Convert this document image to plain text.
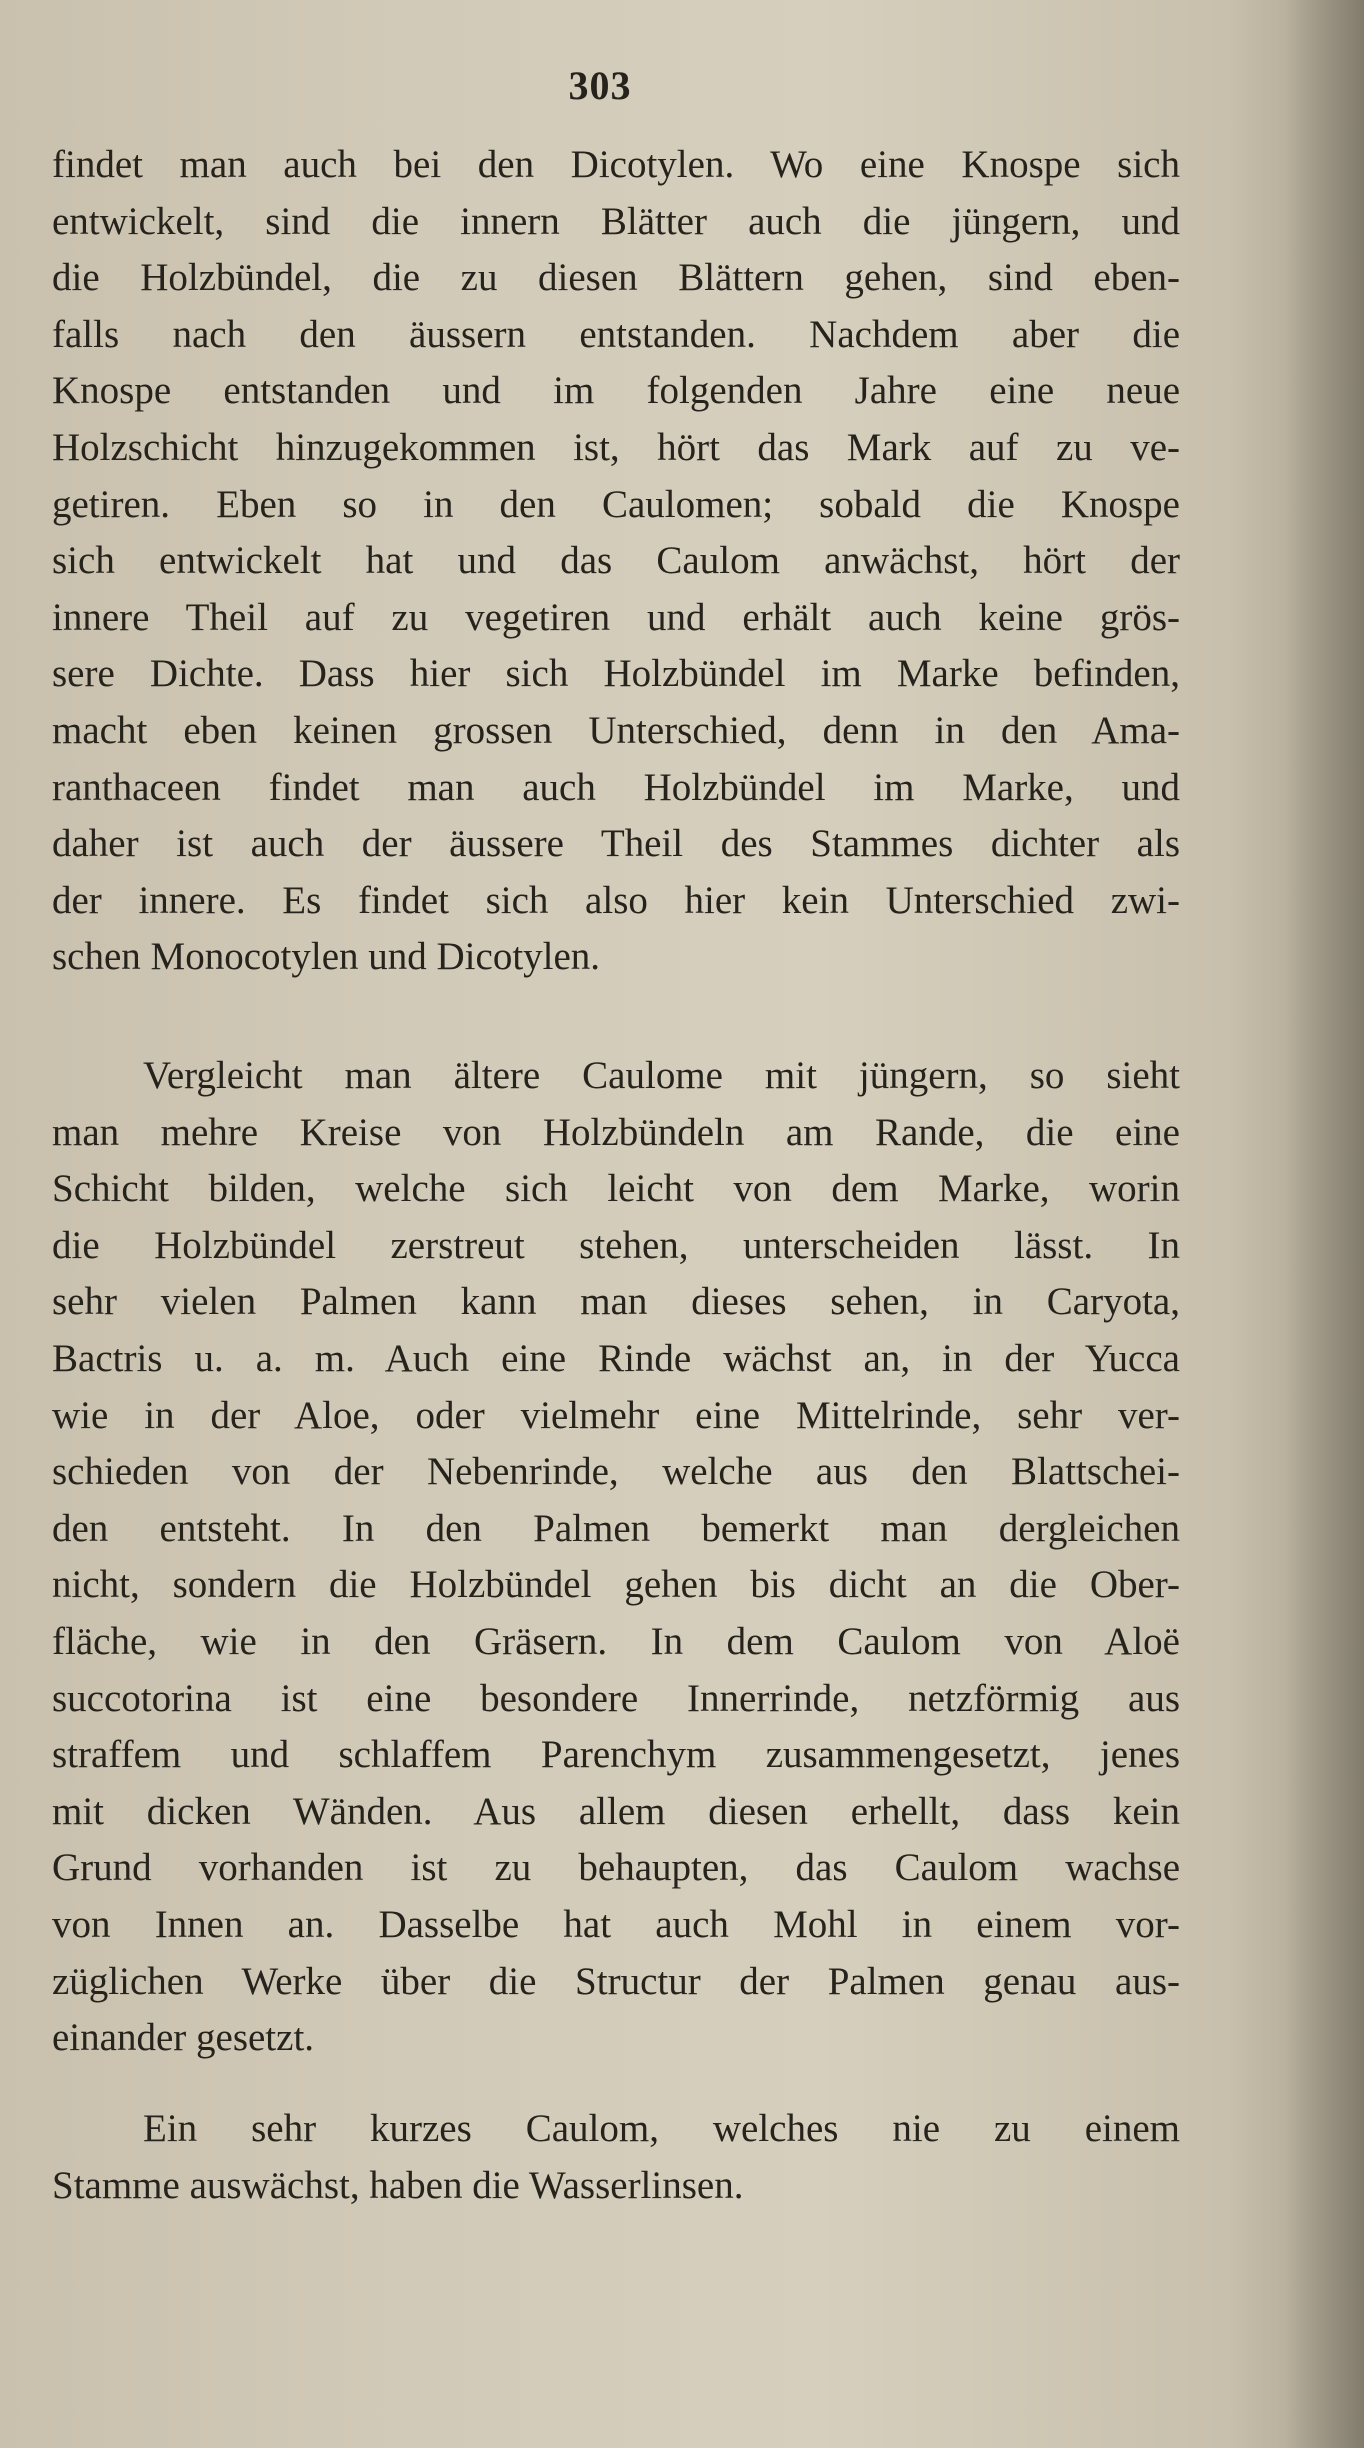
303
findet man auch bei den Dicotylen. Wo eine Knospe sich
entwickelt, sind die innern Blätter auch die jüngern, und
die Holzbündel, die zu diesen Blättern gehen, sind eben-
falls nach den äussern entstanden. Nachdem aber die
Knospe entstanden und im folgenden Jahre eine neue
Holzschicht hinzugekommen ist, hört das Mark auf zu ve-
getiren. Eben so in den Caulomen; sobald die Knospe
sich entwickelt hat und das Caulom anwächst, hört der
innere Theil auf zu vegetiren und erhält auch keine grös-
sere Dichte. Dass hier sich Holzbündel im Marke befinden,
macht eben keinen grossen Unterschied, denn in den Ama-
ranthaceen findet man auch Holzbündel im Marke, und
daher ist auch der äussere Theil des Stammes dichter als
der innere. Es findet sich also hier kein Unterschied zwi-
schen Monocotylen und Dicotylen.
Vergleicht man ältere Caulome mit jüngern, so sieht
man mehre Kreise von Holzbündeln am Rande, die eine
Schicht bilden, welche sich leicht von dem Marke, worin
die Holzbündel zerstreut stehen, unterscheiden lässt. In
sehr vielen Palmen kann man dieses sehen, in Caryota,
Bactris u. a. m. Auch eine Rinde wächst an, in der Yucca
wie in der Aloe, oder vielmehr eine Mittelrinde, sehr ver-
schieden von der Nebenrinde, welche aus den Blattschei-
den entsteht. In den Palmen bemerkt man dergleichen
nicht, sondern die Holzbündel gehen bis dicht an die Ober-
fläche, wie in den Gräsern. In dem Caulom von Aloë
succotorina ist eine besondere Innerrinde, netzförmig aus
straffem und schlaffem Parenchym zusammengesetzt, jenes
mit dicken Wänden. Aus allem diesen erhellt, dass kein
Grund vorhanden ist zu behaupten, das Caulom wachse
von Innen an. Dasselbe hat auch Mohl in einem vor-
züglichen Werke über die Structur der Palmen genau aus-
einander gesetzt.
Ein sehr kurzes Caulom, welches nie zu einem
Stamme auswächst, haben die Wasserlinsen.
